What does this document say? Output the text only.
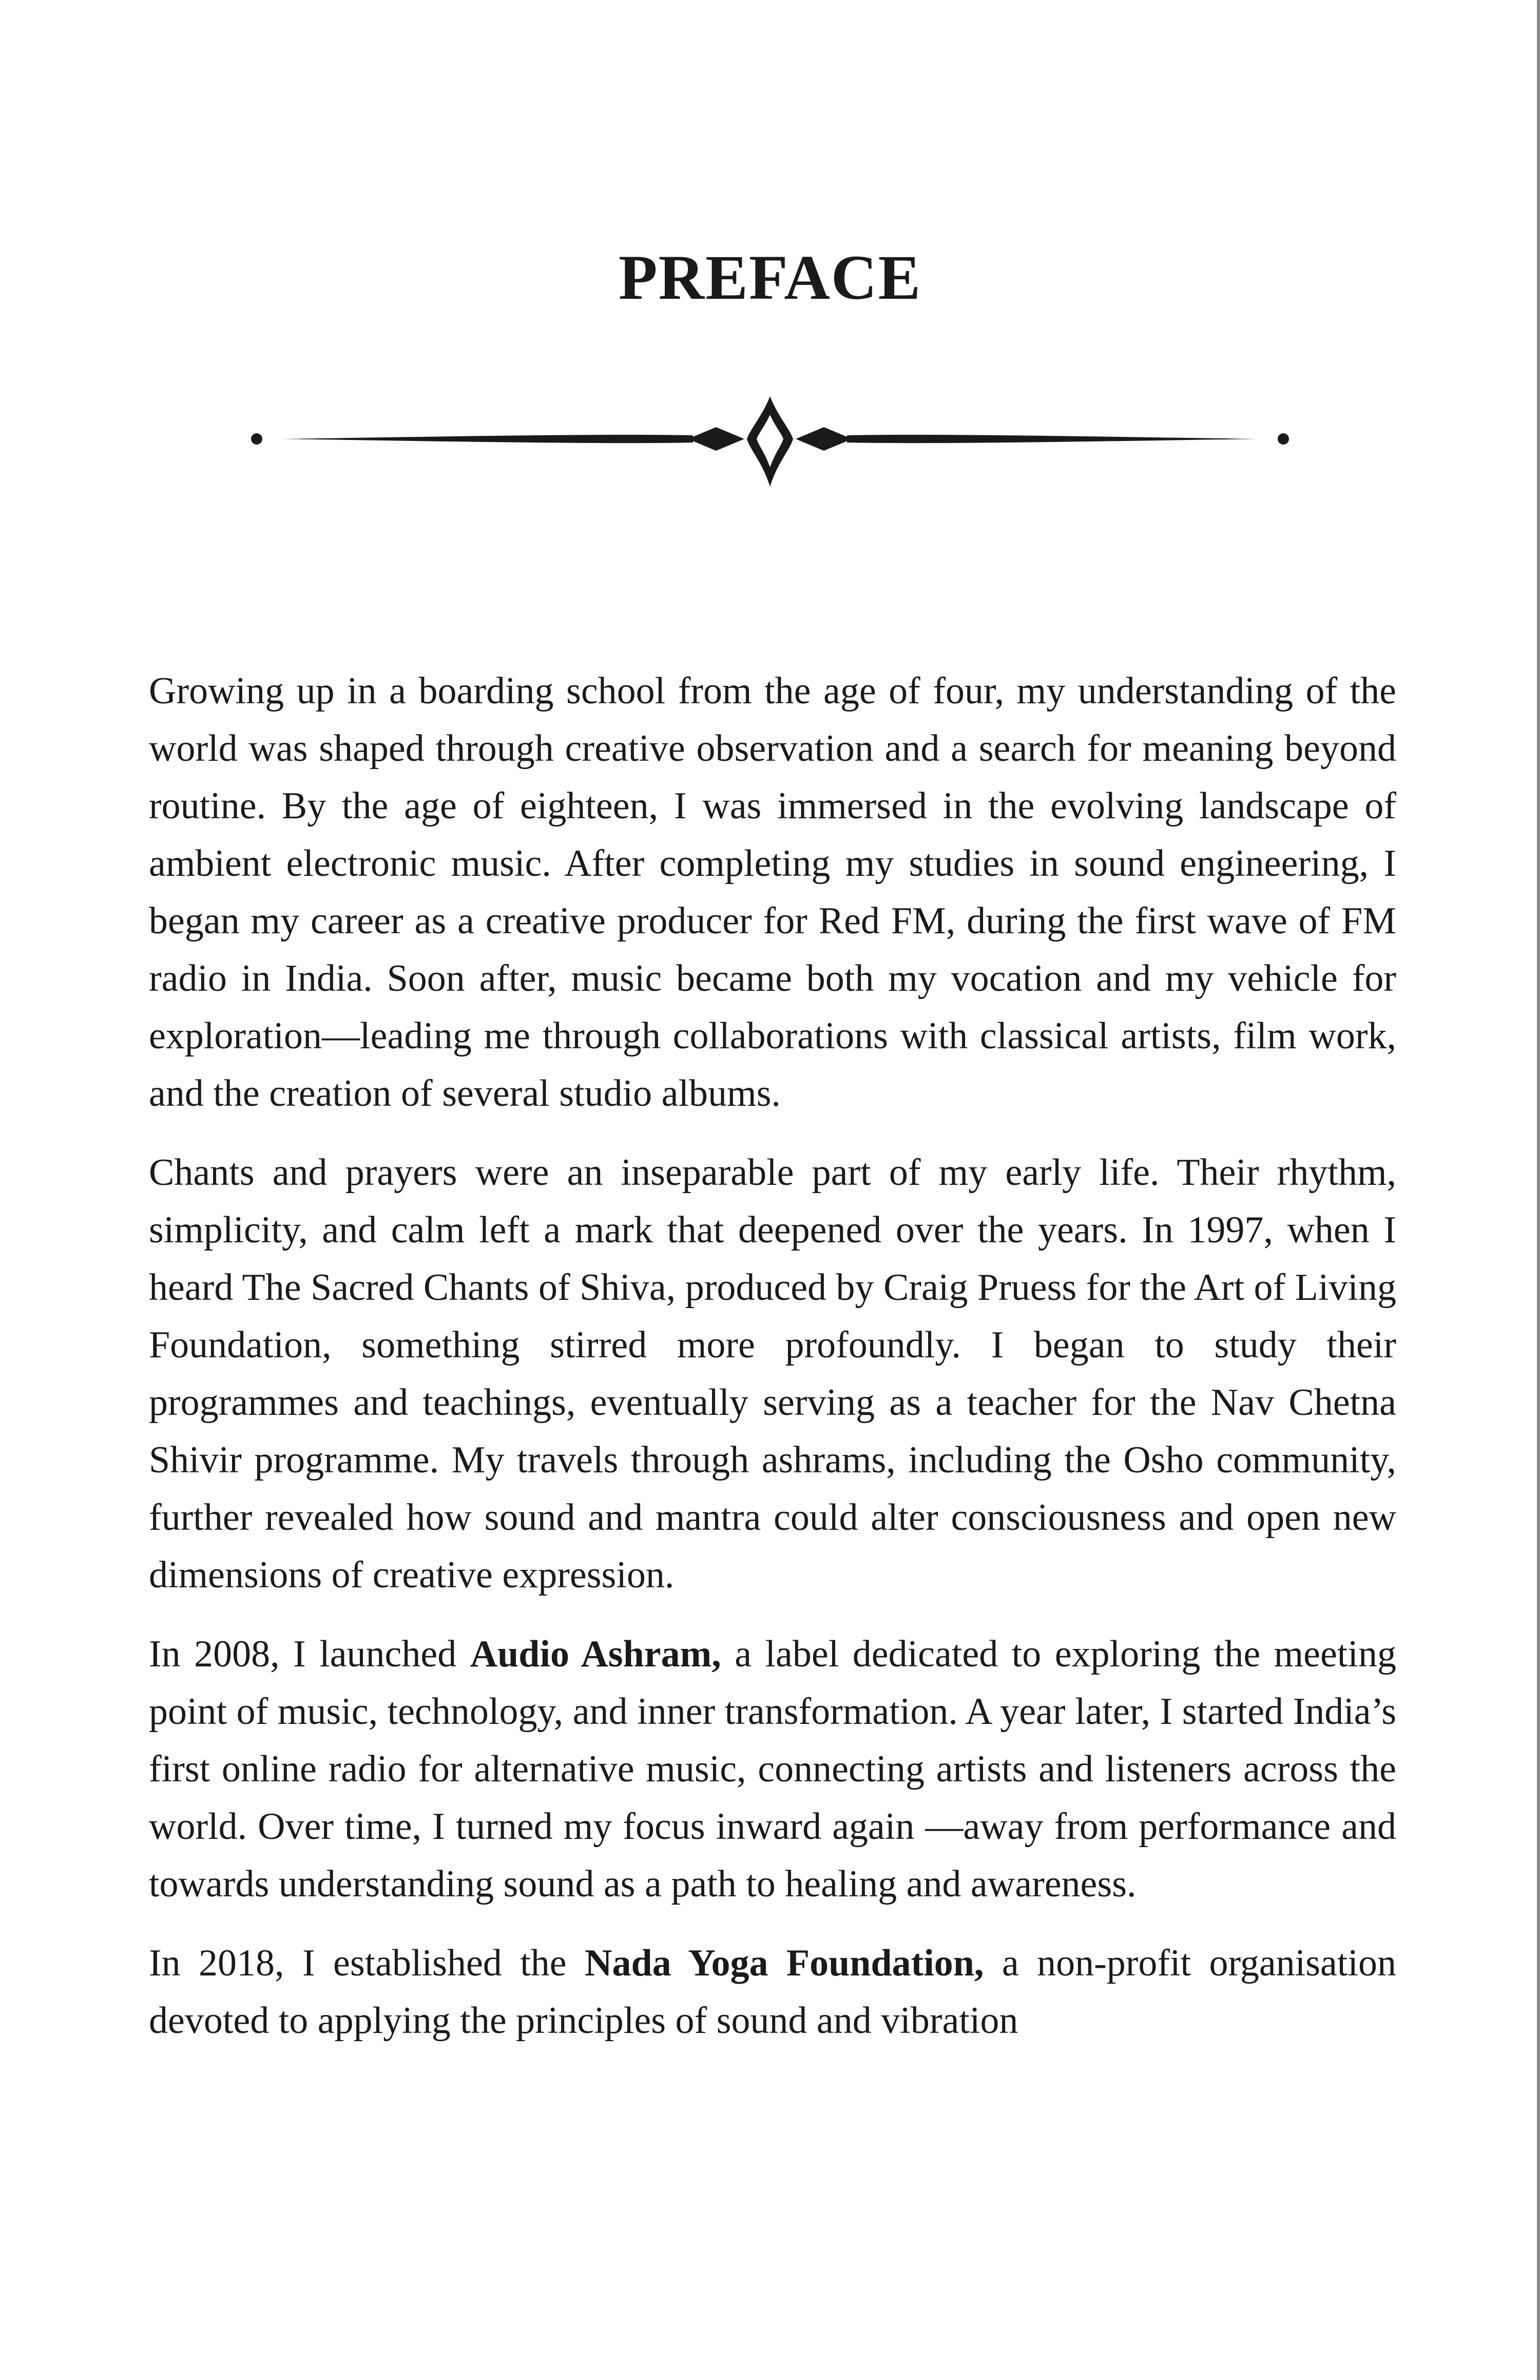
PREFACE

Growing up in a boarding school from the age of four, my understanding of the world was shaped through creative observation and a search for meaning beyond routine. By the age of eighteen, I was immersed in the evolving landscape of ambient electronic music. After completing my studies in sound engineering, I began my career as a creative producer for Red FM, during the first wave of FM radio in India. Soon after, music became both my vocation and my vehicle for exploration—leading me through collaborations with classical artists, film work, and the creation of several studio albums.

Chants and prayers were an inseparable part of my early life. Their rhythm, simplicity, and calm left a mark that deepened over the years. In 1997, when I heard The Sacred Chants of Shiva, produced by Craig Pruess for the Art of Living Foundation, something stirred more profoundly. I began to study their programmes and teachings, eventually serving as a teacher for the Nav Chetna Shivir programme. My travels through ashrams, including the Osho community, further revealed how sound and mantra could alter consciousness and open new dimensions of creative expression.

In 2008, I launched Audio Ashram, a label dedicated to exploring the meeting point of music, technology, and inner transformation. A year later, I started India’s first online radio for alternative music, connecting artists and listeners across the world. Over time, I turned my focus inward again —away from performance and towards understanding sound as a path to healing and awareness.

In 2018, I established the Nada Yoga Foundation, a non-profit organisation devoted to applying the principles of sound and vibration
